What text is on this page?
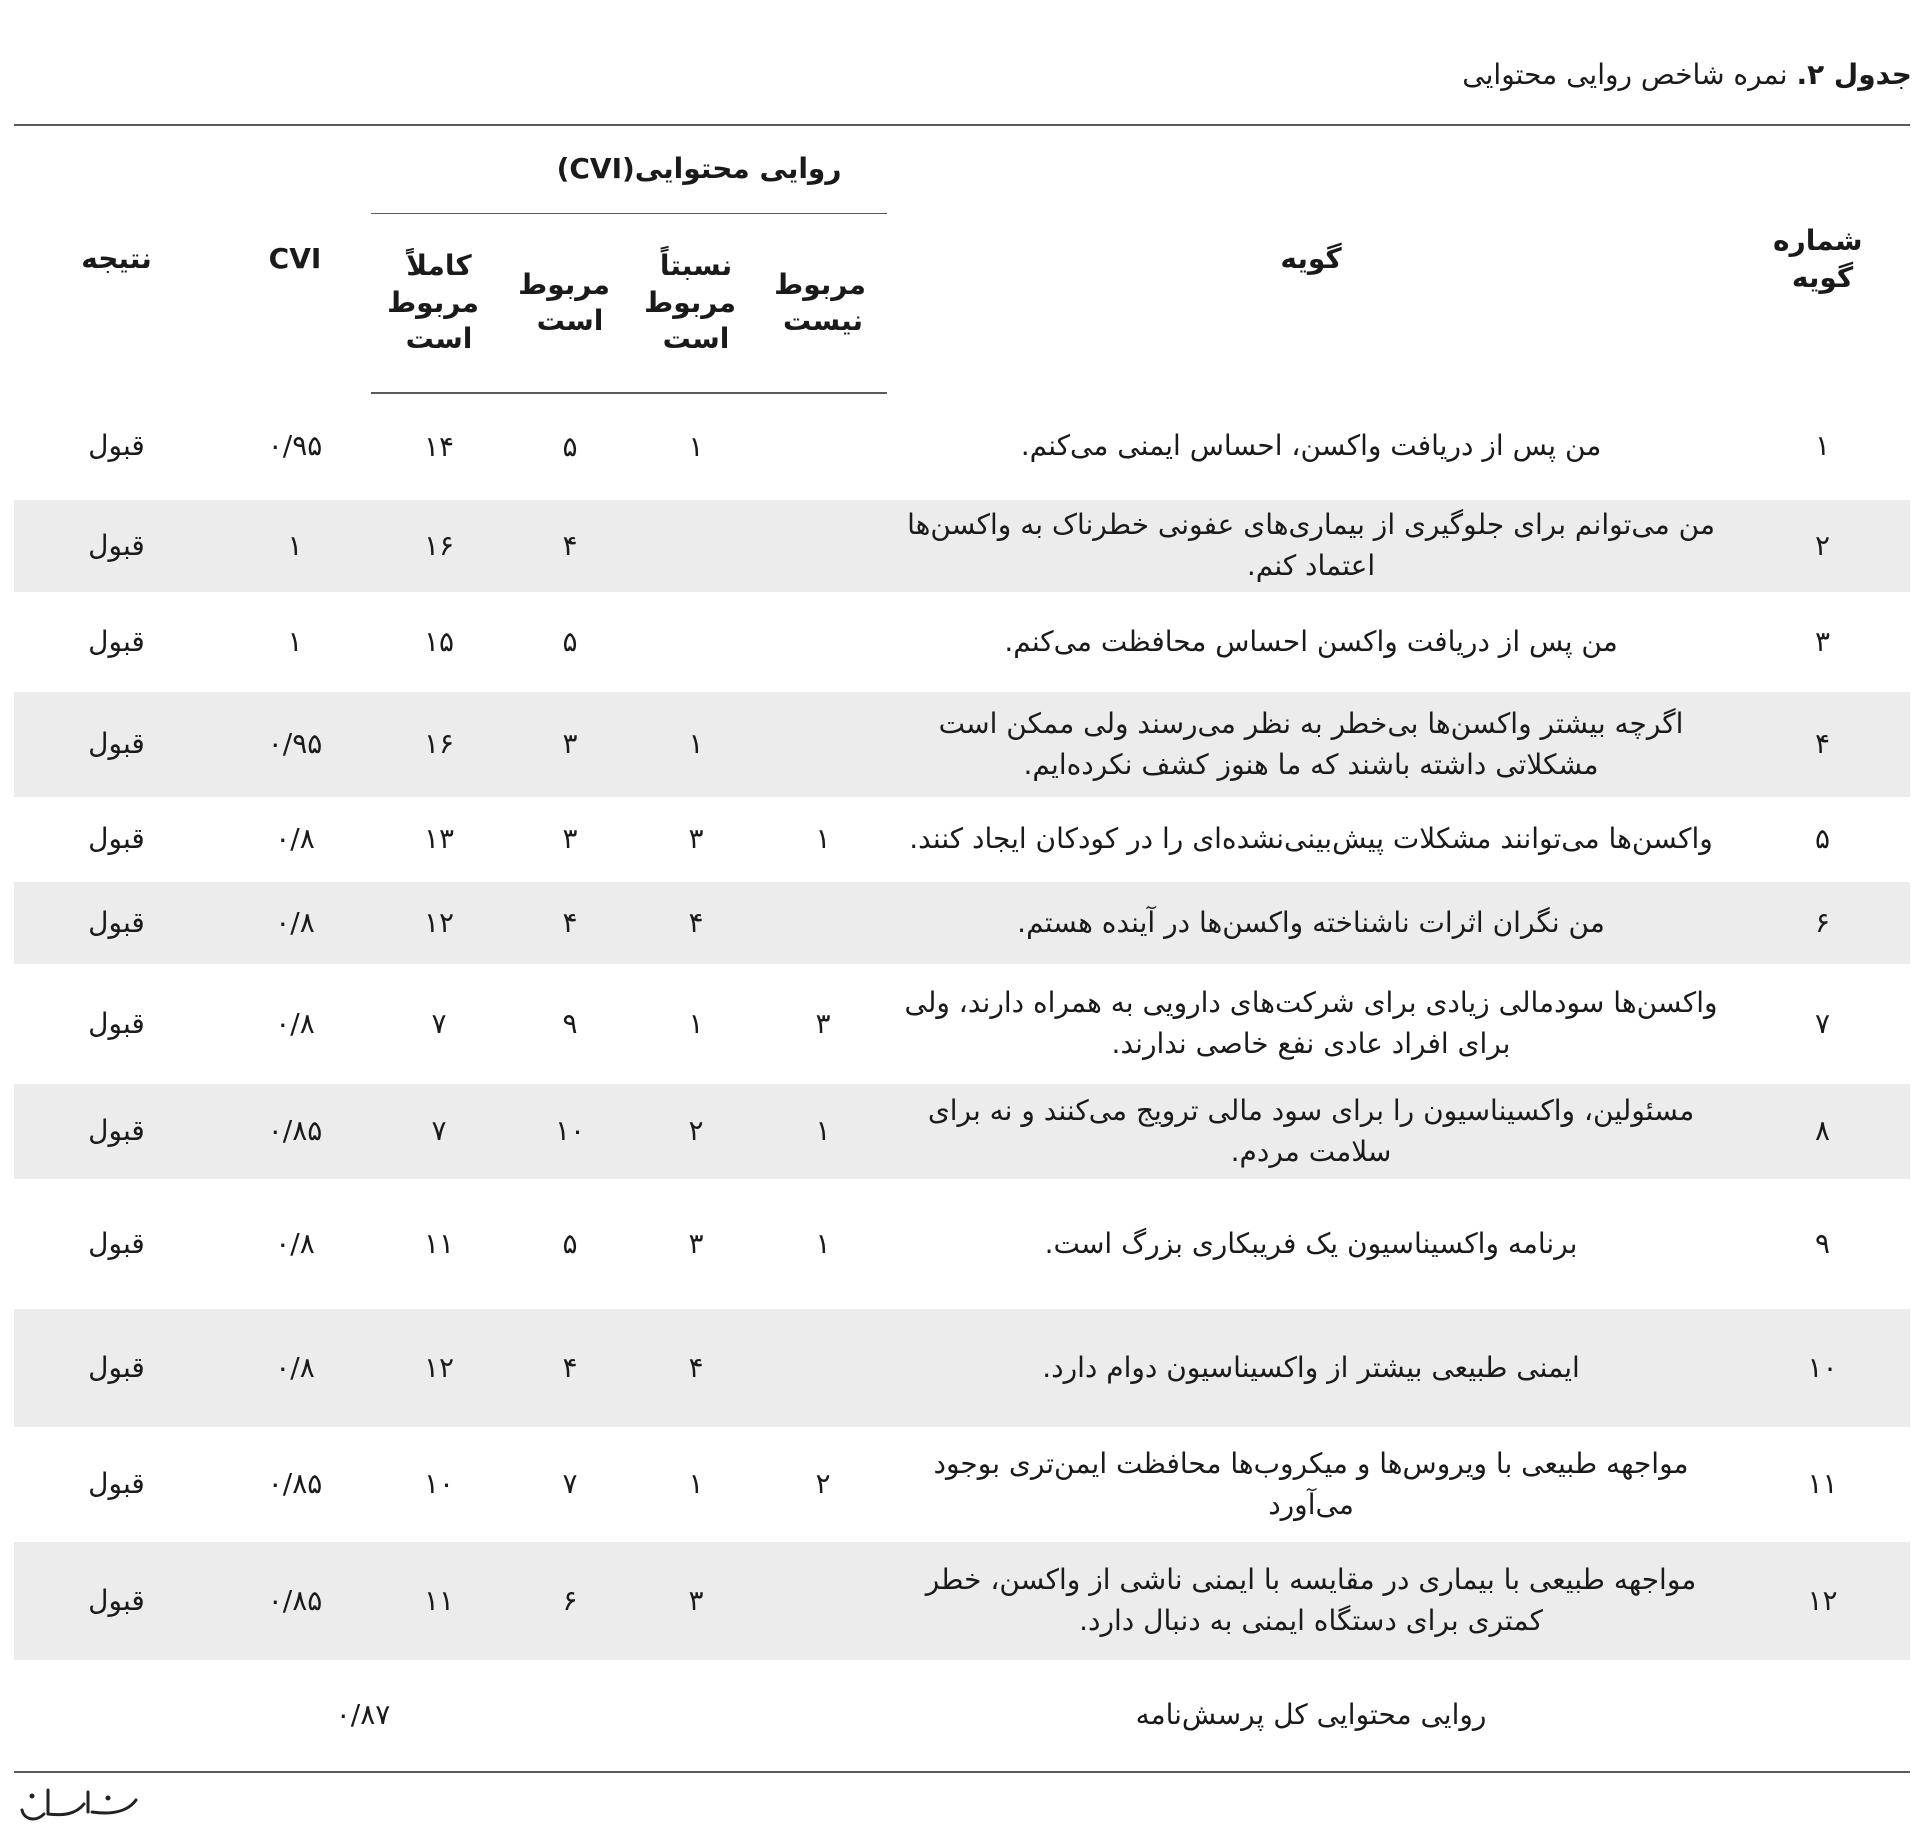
جدول ۲. نمره شاخص روایی محتوایی
شماره گویه	گویه	روایی محتوایی(CVI)				CVI	نتیجه
		مربوط نیست	نسبتاً مربوط است	مربوط است	کاملاً مربوط است		
۱	من پس از دریافت واکسن، احساس ایمنی می‌کنم.		۱	۵	۱۴	۰/۹۵	قبول
۲	من می‌توانم برای جلوگیری از بیماری‌های عفونی خطرناک به واکسن‌ها اعتماد کنم.			۴	۱۶	۱	قبول
۳	من پس از دریافت واکسن احساس محافظت می‌کنم.			۵	۱۵	۱	قبول
۴	اگرچه بیشتر واکسن‌ها بی‌خطر به نظر می‌رسند ولی ممکن است مشکلاتی داشته باشند که ما هنوز کشف نکرده‌ایم.		۱	۳	۱۶	۰/۹۵	قبول
۵	واکسن‌ها می‌توانند مشکلات پیش‌بینی‌نشده‌ای را در کودکان ایجاد کنند.	۱	۳	۳	۱۳	۰/۸	قبول
۶	من نگران اثرات ناشناخته واکسن‌ها در آینده هستم.		۴	۴	۱۲	۰/۸	قبول
۷	واکسن‌ها سودمالی زیادی برای شرکت‌های دارویی به همراه دارند، ولی برای افراد عادی نفع خاصی ندارند.	۳	۱	۹	۷	۰/۸	قبول
۸	مسئولین، واکسیناسیون را برای سود مالی ترویج می‌کنند و نه برای سلامت مردم.	۱	۲	۱۰	۷	۰/۸۵	قبول
۹	برنامه واکسیناسیون یک فریبکاری بزرگ است.	۱	۳	۵	۱۱	۰/۸	قبول
۱۰	ایمنی طبیعی بیشتر از واکسیناسیون دوام دارد.		۴	۴	۱۲	۰/۸	قبول
۱۱	مواجهه طبیعی با ویروس‌ها و میکروب‌ها محافظت ایمن‌تری بوجود می‌آورد	۲	۱	۷	۱۰	۰/۸۵	قبول
۱۲	مواجهه طبیعی با بیماری در مقایسه با ایمنی ناشی از واکسن، خطر کمتری برای دستگاه ایمنی به دنبال دارد.		۳	۶	۱۱	۰/۸۵	قبول
	روایی محتوایی کل پرسش‌نامه				۰/۸۷		
